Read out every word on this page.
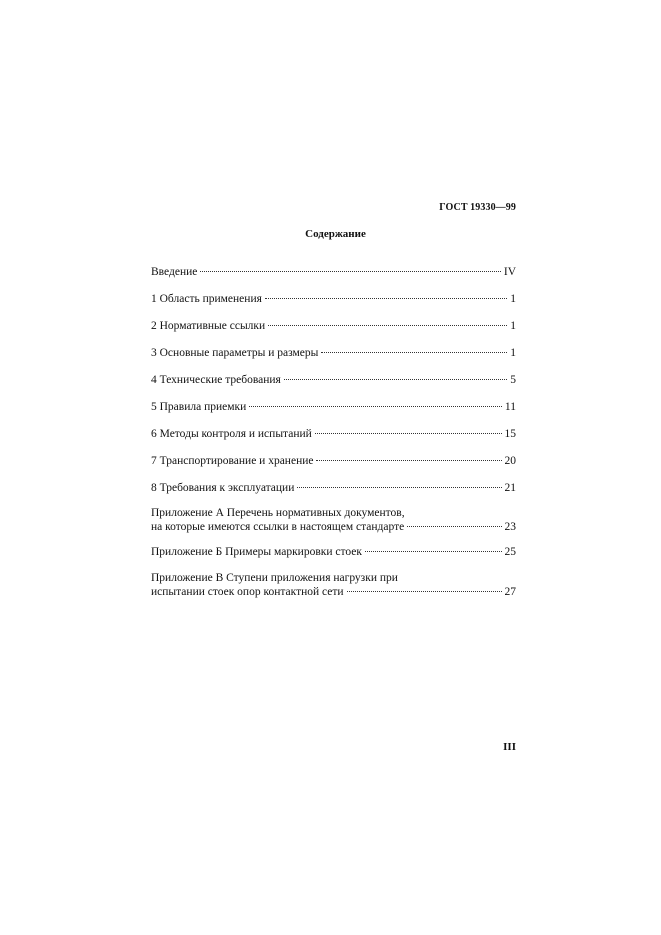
ГОСТ 19330—99
Содержание
Введение	IV
1 Область применения	1
2 Нормативные ссылки	1
3 Основные параметры и размеры	1
4 Технические требования	5
5 Правила приемки	11
6 Методы контроля и испытаний	15
7 Транспортирование и хранение	20
8 Требования к эксплуатации	21
Приложение А Перечень нормативных документов,
на которые имеются ссылки в настоящем стандарте	23
Приложение Б Примеры маркировки стоек	25
Приложение В Ступени приложения нагрузки при
испытании стоек опор контактной сети	27
III
